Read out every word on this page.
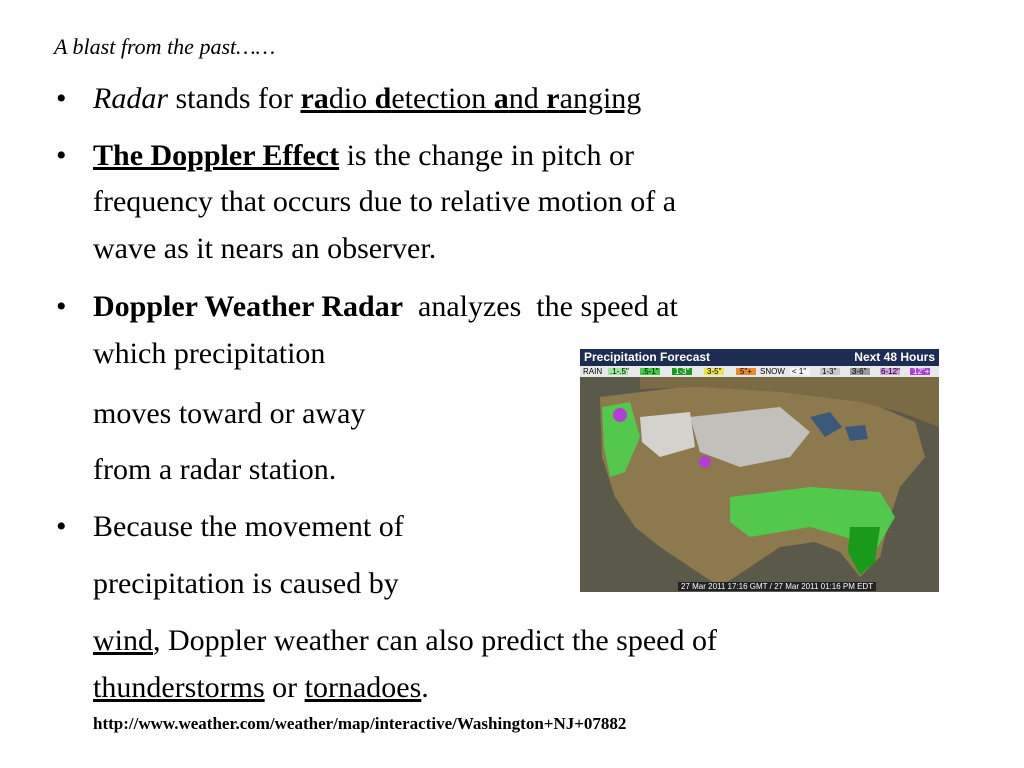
A blast from the past……
• Radar stands for radio detection and ranging
• The Doppler Effect is the change in pitch or
frequency that occurs due to relative motion of a
wave as it nears an observer.
• Doppler Weather Radar  analyzes  the speed at
which precipitation
moves toward or away
from a radar station.
• Because the movement of
precipitation is caused by
wind, Doppler weather can also predict the speed of
thunderstorms or tornadoes.
http://www.weather.com/weather/map/interactive/Washington+NJ+07882
Precipitation Forecast	Next 48 Hours
RAIN .1-.5" .5-1" 1-3" 3-5" 5"+ SNOW < 1" 1-3" 3-6" 6-12" 12"+
27 Mar 2011 17:16 GMT / 27 Mar 2011 01:16 PM EDT
